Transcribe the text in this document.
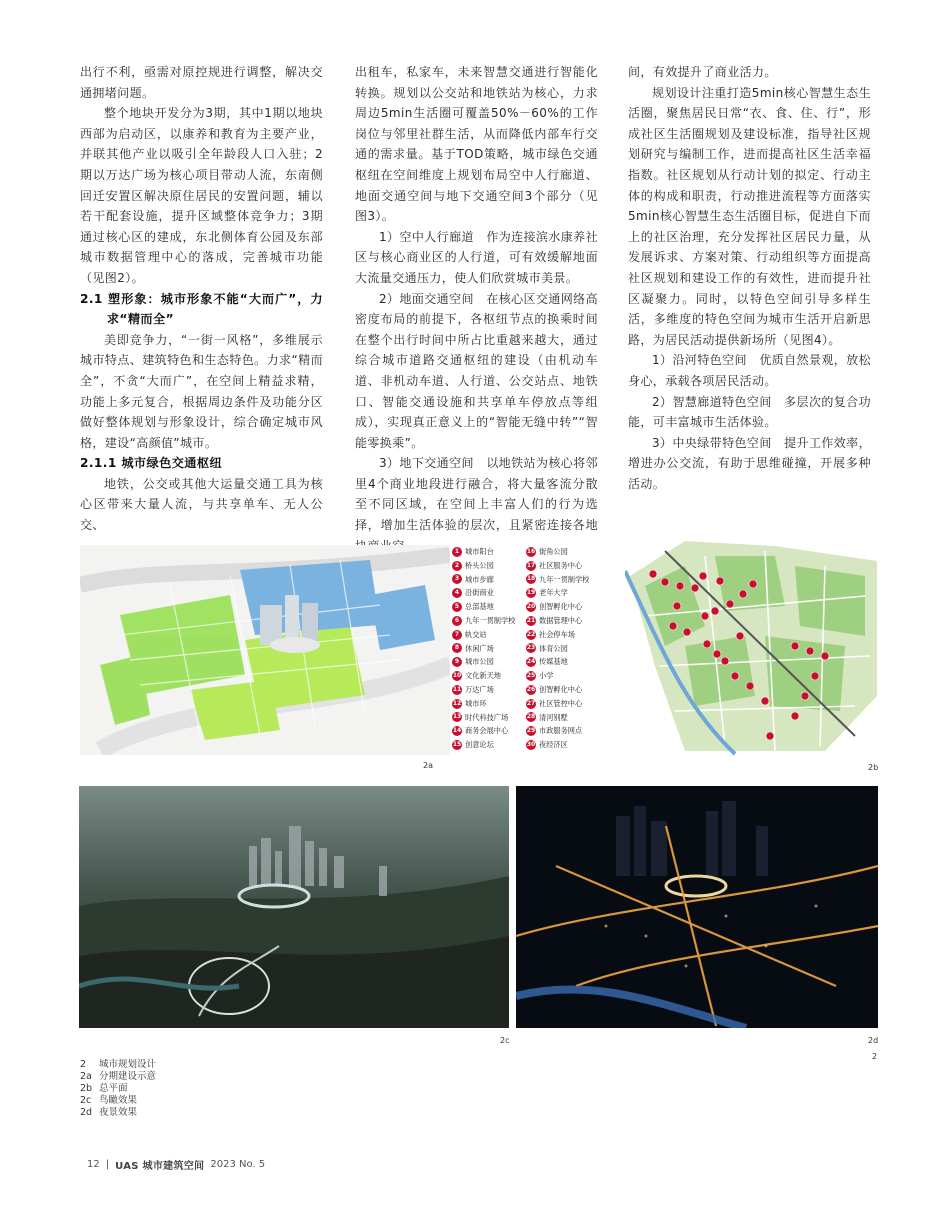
出行不利，亟需对原控规进行调整，解决交通拥堵问题。

整个地块开发分为3期，其中1期以地块西部为启动区，以康养和教育为主要产业，并联其他产业以吸引全年龄段人口入驻；2期以万达广场为核心项目带动人流，东南侧回迁安置区解决原住居民的安置问题，辅以若干配套设施，提升区域整体竞争力；3期通过核心区的建成，东北侧体育公园及东部城市数据管理中心的落成，完善城市功能（见图2）。

2.1 塑形象：城市形象不能“大而广”，力求“精而全”

美即竞争力，“一街一风格”，多维展示城市特点、建筑特色和生态特色。力求“精而全”，不贪“大而广”，在空间上精益求精，功能上多元复合，根据周边条件及功能分区做好整体规划与形象设计，综合确定城市风格，建设“高颜值”城市。

2.1.1 城市绿色交通枢纽

地铁，公交或其他大运量交通工具为核心区带来大量人流，与共享单车、无人公交、

出租车，私家车，未来智慧交通进行智能化转换。规划以公交站和地铁站为核心，力求周边5min生活圈可覆盖50%－60%的工作岗位与邻里社群生活，从而降低内部车行交通的需求量。基于TOD策略，城市绿色交通枢纽在空间维度上规划布局空中人行廊道、地面交通空间与地下交通空间3个部分（见图3）。

1）空中人行廊道　作为连接滨水康养社区与核心商业区的人行道，可有效缓解地面大流量交通压力，使人们欣赏城市美景。

2）地面交通空间　在核心区交通网络高密度布局的前提下，各枢纽节点的换乘时间在整个出行时间中所占比重越来越大，通过综合城市道路交通枢纽的建设（由机动车道、非机动车道、人行道、公交站点、地铁口、智能交通设施和共享单车停放点等组成），实现真正意义上的“智能无缝中转”“智能零换乘”。

3）地下交通空间　以地铁站为核心将邻里4个商业地段进行融合，将大量客流分散至不同区域，在空间上丰富人们的行为选择，增加生活体验的层次，且紧密连接各地

间，有效提升了商业活力。

规划设计注重打造5min核心智慧生态生活圈，聚焦居民日常“衣、食、住、行”，形成社区生活圈规划及建设标准，指导社区规划研究与编制工作，进而提高社区生活幸福指数。社区规划从行动计划的拟定、行动主体的构成和职责，行动推进流程等方面落实5min核心智慧生态生活圈目标，促进自下而上的社区治理，充分发挥社区居民力量，从发展诉求、方案对策、行动组织等方面提高社区规划和建设工作的有效性，进而提升社区凝聚力。同时，以特色空间引导多样生活，多维度的特色空间为城市生活开启新思路，为居民活动提供新场所（见图4）。

1）沿河特色空间　优质自然景观，放松身心，承载各项居民活动。

2）智慧廊道特色空间　多层次的复合功能，可丰富城市生活体验。

3）中央绿带特色空间　提升工作效率，增进办公交流，有助于思维碰撞，开展多种活动。

2a
1 城市阳台
2 桥头公园
3 城市步廊
4 沿街商业
5 总部基地
6 九年一贯制学校
7 轨交站
8 休闲广场
9 城市公园
10 文化新天地
11 万达广场
12 城市环
13 时代科技广场
14 商务会展中心
15 创意论坛
16 街角公园
17 社区服务中心
18 九年一贯制学校
19 老年大学
20 创智孵化中心
21 数据管理中心
22 社会停车场
23 体育公园
24 传媒基地
25 小学
26 创智孵化中心
27 社区管控中心
28 清河别墅
29 市政服务网点
30 夜经济区
2b
2c	2d
2
2 城市规划设计
2a 分期建设示意
2b 总平面
2c 鸟瞰效果
2d 夜景效果
12 | UAS 城市建筑空间 2023 No. 5
